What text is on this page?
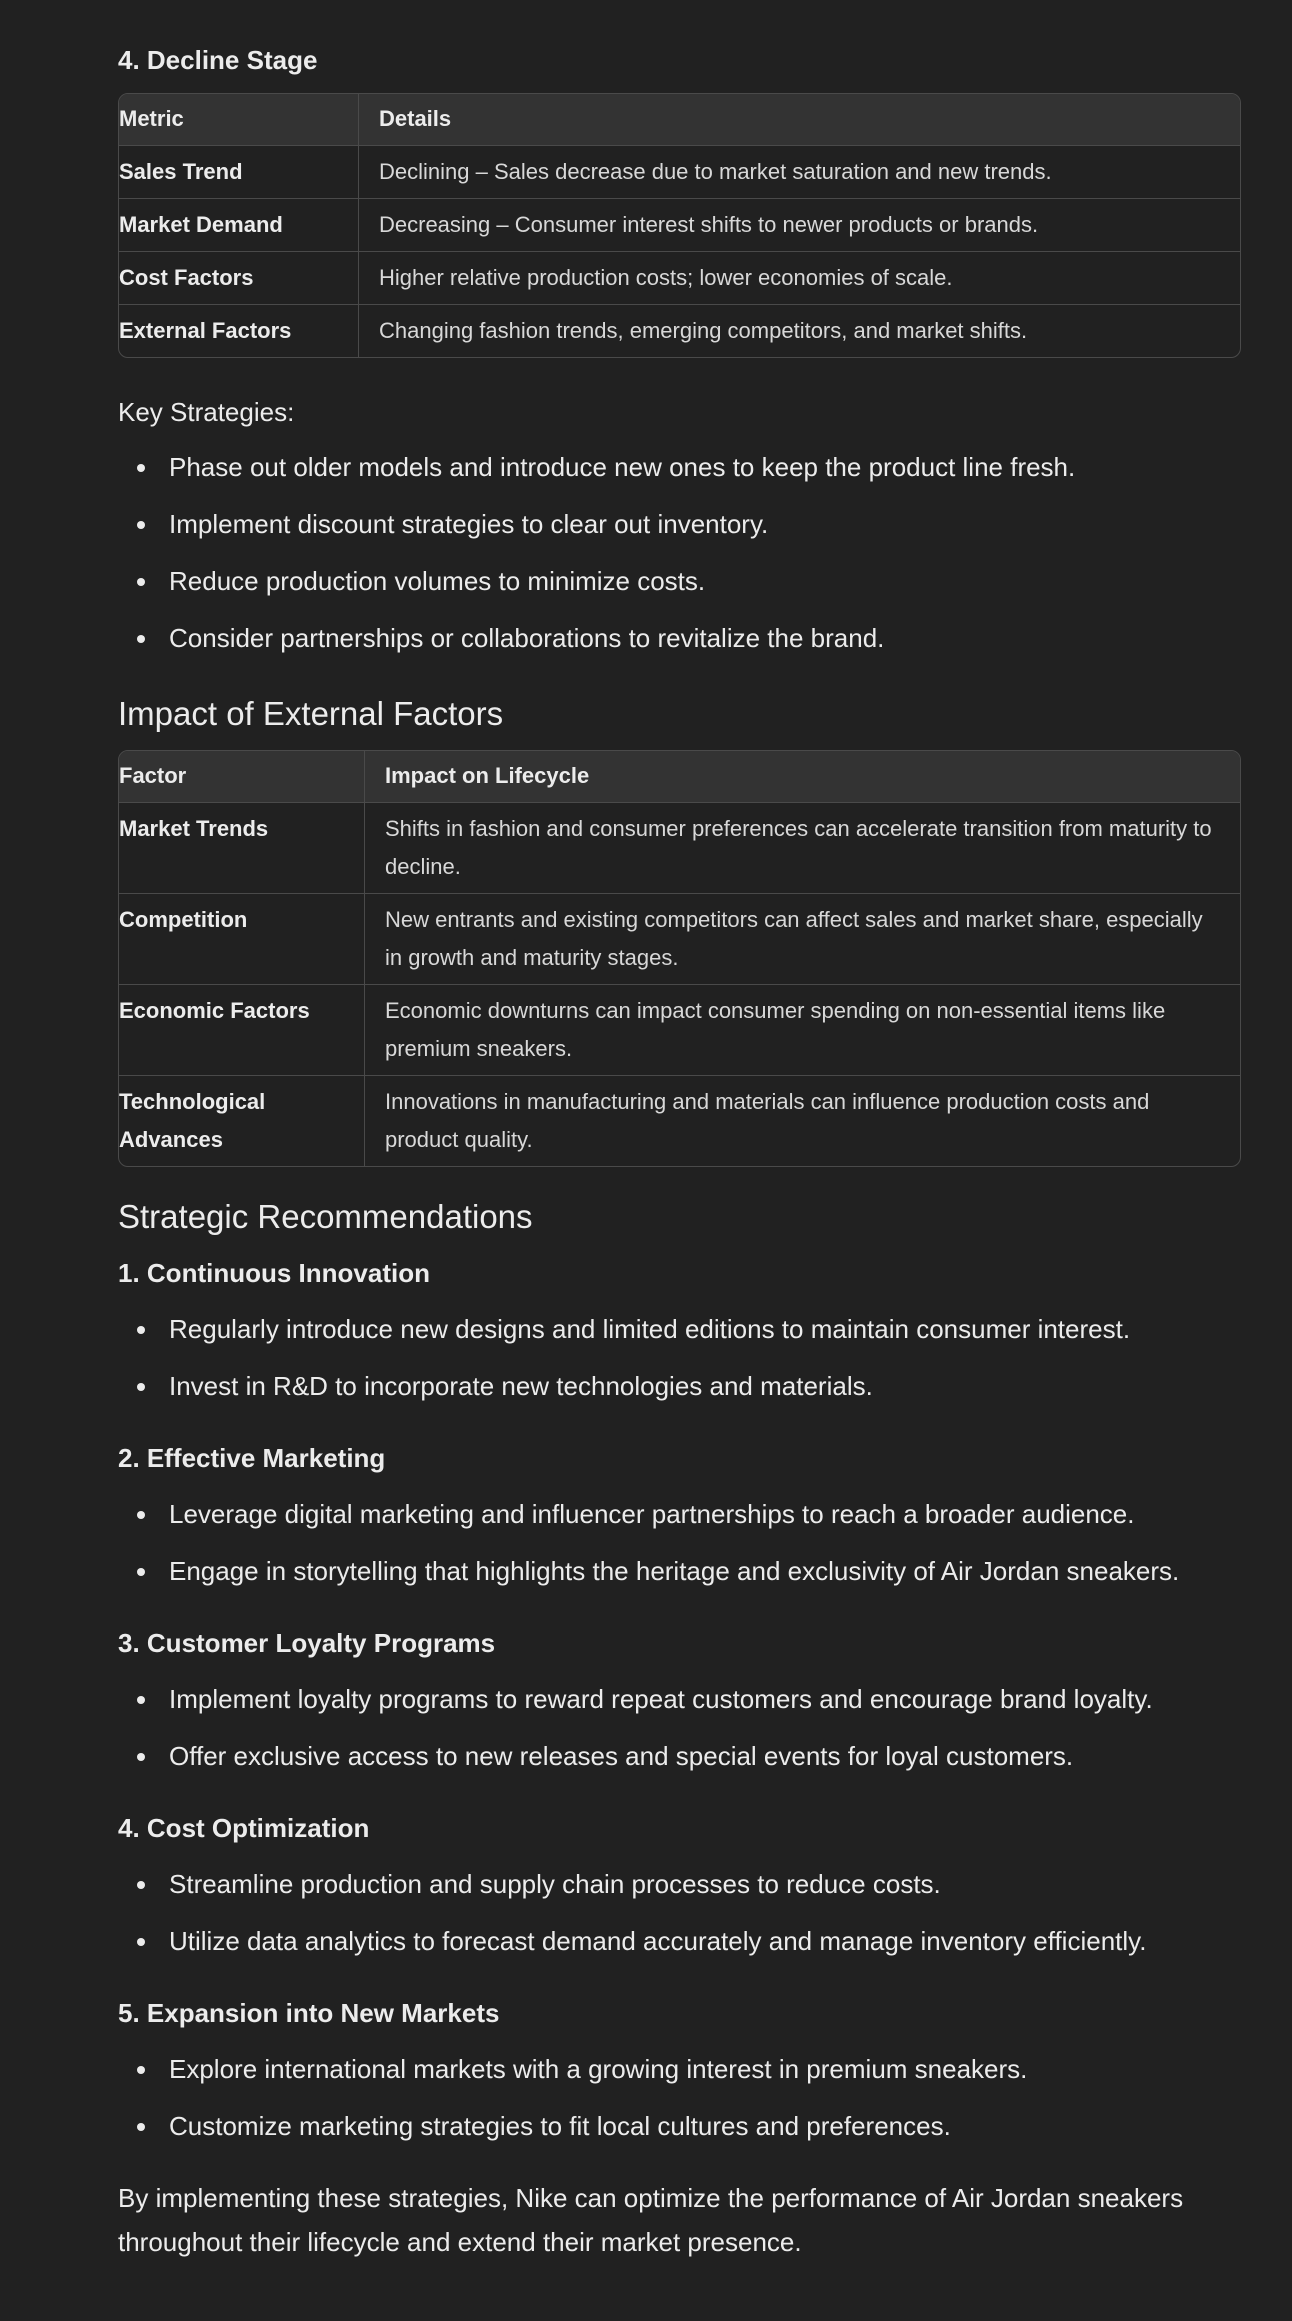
4. Decline Stage
Metric	Details
Sales Trend	Declining – Sales decrease due to market saturation and new trends.
Market Demand	Decreasing – Consumer interest shifts to newer products or brands.
Cost Factors	Higher relative production costs; lower economies of scale.
External Factors	Changing fashion trends, emerging competitors, and market shifts.
Key Strategies:
Phase out older models and introduce new ones to keep the product line fresh.
Implement discount strategies to clear out inventory.
Reduce production volumes to minimize costs.
Consider partnerships or collaborations to revitalize the brand.
Impact of External Factors
Factor	Impact on Lifecycle
Market Trends	Shifts in fashion and consumer preferences can accelerate transition from maturity to decline.
Competition	New entrants and existing competitors can affect sales and market share, especially in growth and maturity stages.
Economic Factors	Economic downturns can impact consumer spending on non-essential items like premium sneakers.
Technological Advances	Innovations in manufacturing and materials can influence production costs and product quality.
Strategic Recommendations
1. Continuous Innovation
Regularly introduce new designs and limited editions to maintain consumer interest.
Invest in R&D to incorporate new technologies and materials.
2. Effective Marketing
Leverage digital marketing and influencer partnerships to reach a broader audience.
Engage in storytelling that highlights the heritage and exclusivity of Air Jordan sneakers.
3. Customer Loyalty Programs
Implement loyalty programs to reward repeat customers and encourage brand loyalty.
Offer exclusive access to new releases and special events for loyal customers.
4. Cost Optimization
Streamline production and supply chain processes to reduce costs.
Utilize data analytics to forecast demand accurately and manage inventory efficiently.
5. Expansion into New Markets
Explore international markets with a growing interest in premium sneakers.
Customize marketing strategies to fit local cultures and preferences.

By implementing these strategies, Nike can optimize the performance of Air Jordan sneakers throughout their lifecycle and extend their market presence.
